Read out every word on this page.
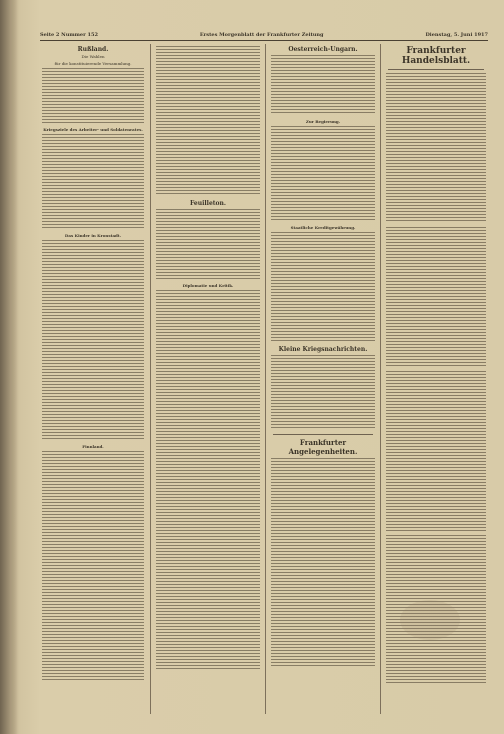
Seite 2 Nummer 152	Erstes Morgenblatt der Frankfurter Zeitung	Dienstag, 5. Juni 1917
Rußland.
Die Wahlen
für die konstituierende Versammlung.
Kriegsziele des Arbeiter- und Soldatenrates.
Das Kinder in Kronstadt.
Finnland.
Feuilleton.
Diplomatie und Kritik.
Oesterreich-Ungarn.
Zur Regierung.
Staatliche Kreditgewährung.
Kleine Kriegsnachrichten.
Frankfurter Angelegenheiten.
Frankfurter Handelsblatt.
